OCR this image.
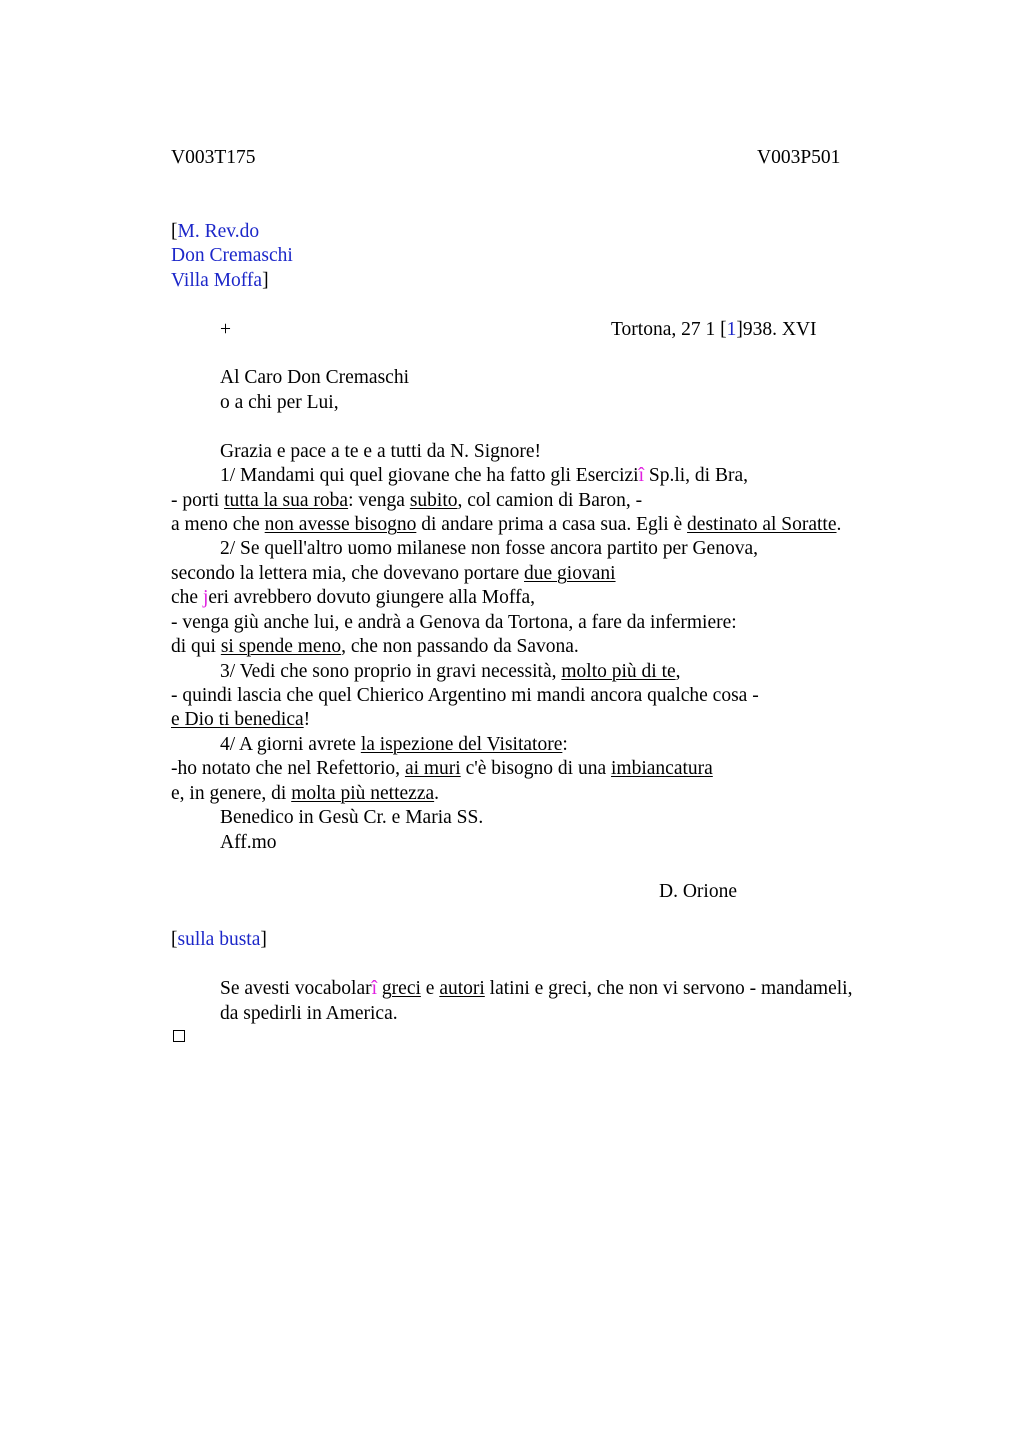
V003T175	V003P501
[M. Rev.do
Don Cremaschi
Villa Moffa]
+	Tortona, 27 1 [1]938. XVI
Al Caro Don Cremaschi
o a chi per Lui,
Grazia e pace a te e a tutti da N. Signore!
1/ Mandami qui quel giovane che ha fatto gli Eserciziî Sp.li, di Bra,
- porti tutta la sua roba: venga subito, col camion di Baron, -
a meno che non avesse bisogno di andare prima a casa sua. Egli è destinato al Soratte.
2/ Se quell'altro uomo milanese non fosse ancora partito per Genova,
secondo la lettera mia, che dovevano portare due giovani
che jeri avrebbero dovuto giungere alla Moffa,
- venga giù anche lui, e andrà a Genova da Tortona, a fare da infermiere:
di qui si spende meno, che non passando da Savona.
3/ Vedi che sono proprio in gravi necessità, molto più di te,
- quindi lascia che quel Chierico Argentino mi mandi ancora qualche cosa -
e Dio ti benedica!
4/ A giorni avrete la ispezione del Visitatore:
-ho notato che nel Refettorio, ai muri c'è bisogno di una imbiancatura
e, in genere, di molta più nettezza.
Benedico in Gesù Cr. e Maria SS.
Aff.mo
D. Orione
[sulla busta]
Se avesti vocabolarî greci e autori latini e greci, che non vi servono - mandameli,
da spedirli in America.
